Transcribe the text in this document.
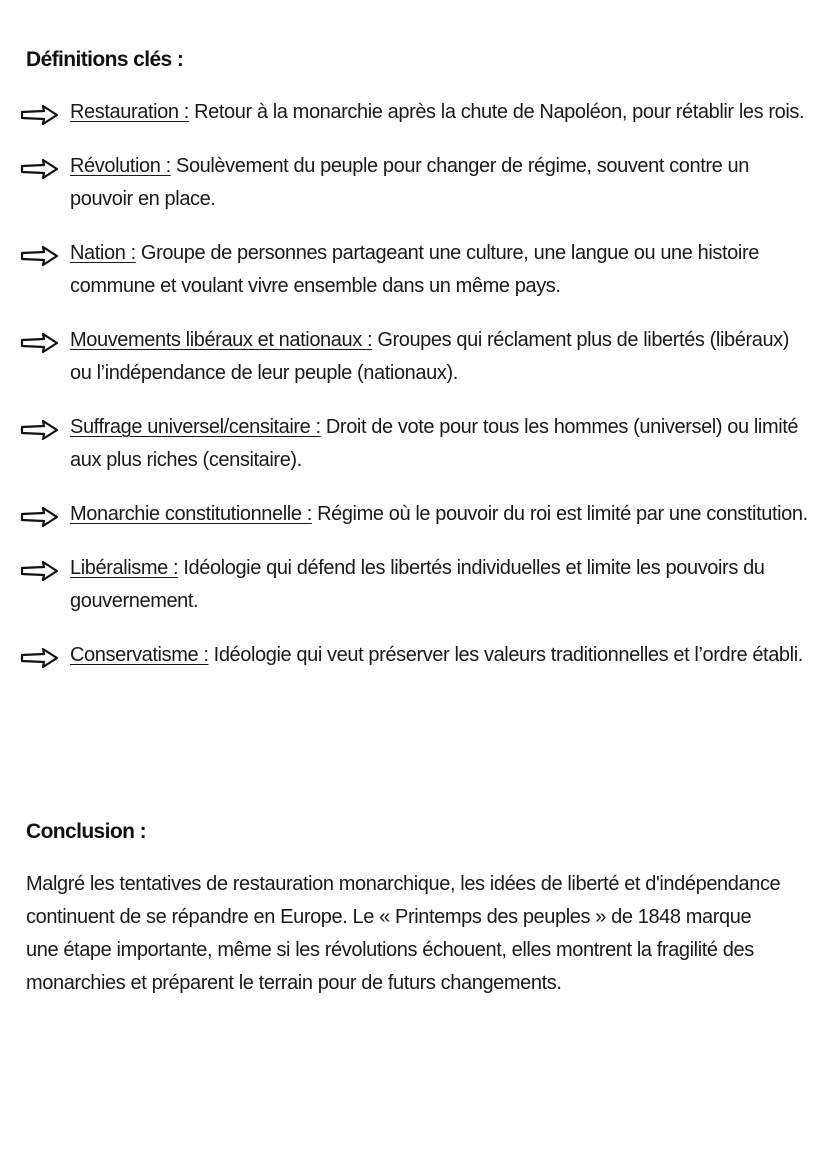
Définitions clés :
Restauration : Retour à la monarchie après la chute de Napoléon, pour rétablir les rois.
Révolution : Soulèvement du peuple pour changer de régime, souvent contre un pouvoir en place.
Nation : Groupe de personnes partageant une culture, une langue ou une histoire commune et voulant vivre ensemble dans un même pays.
Mouvements libéraux et nationaux : Groupes qui réclament plus de libertés (libéraux) ou l’indépendance de leur peuple (nationaux).
Suffrage universel/censitaire : Droit de vote pour tous les hommes (universel) ou limité aux plus riches (censitaire).
Monarchie constitutionnelle : Régime où le pouvoir du roi est limité par une constitution.
Libéralisme : Idéologie qui défend les libertés individuelles et limite les pouvoirs du gouvernement.
Conservatisme : Idéologie qui veut préserver les valeurs traditionnelles et l’ordre établi.
Conclusion :

Malgré les tentatives de restauration monarchique, les idées de liberté et d'indépendance continuent de se répandre en Europe. Le « Printemps des peuples » de 1848 marque une étape importante, même si les révolutions échouent, elles montrent la fragilité des monarchies et préparent le terrain pour de futurs changements.
